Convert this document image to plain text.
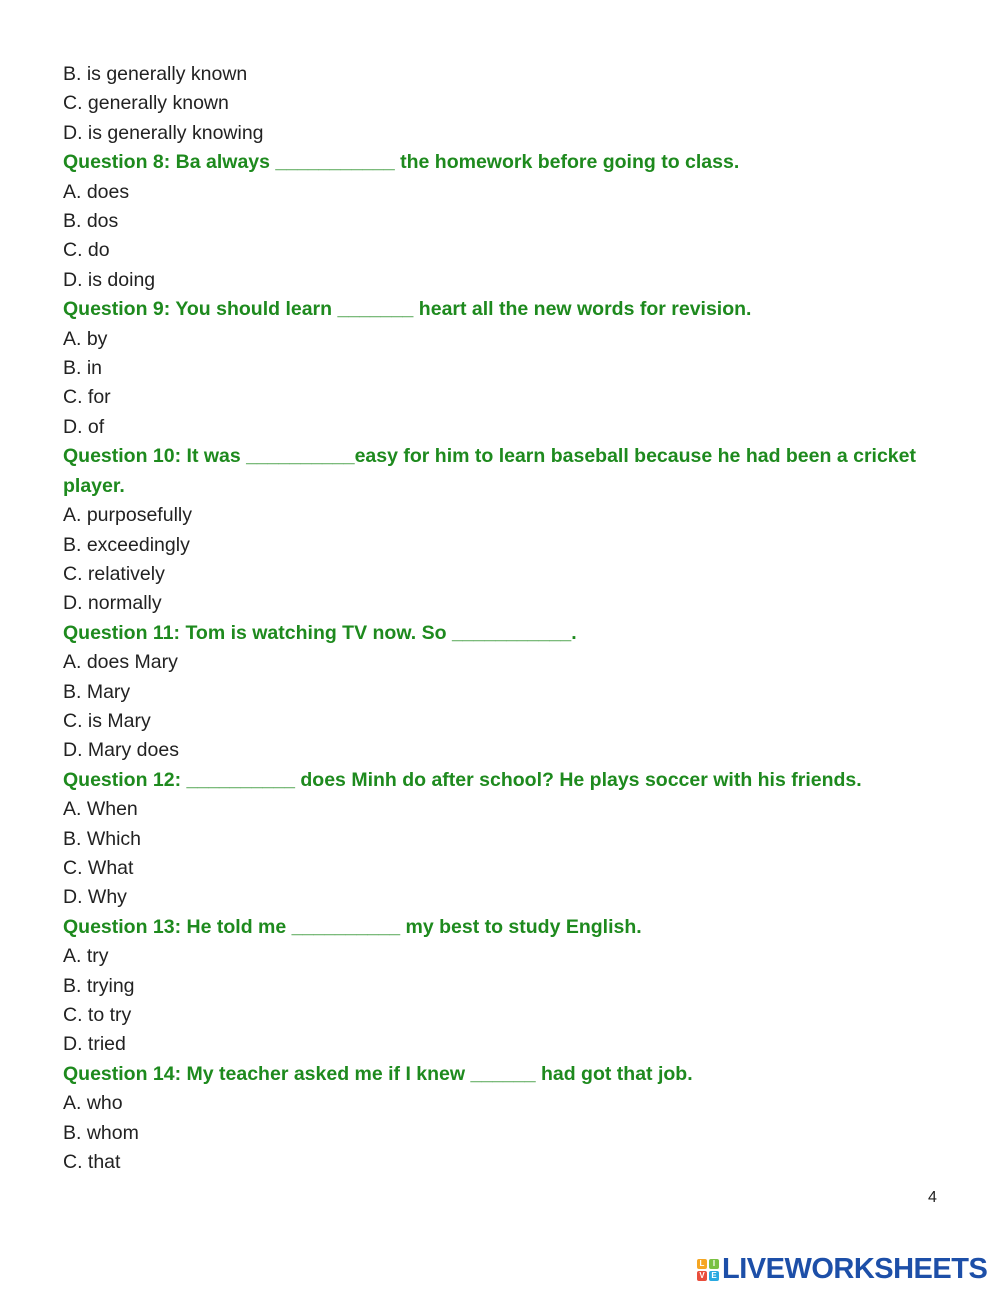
B. is generally known
C. generally known
D. is generally knowing
Question 8: Ba always ___________ the homework before going to class.
A. does
B. dos
C. do
D. is doing
Question 9: You should learn _______ heart all the new words for revision.
A. by
B. in
C. for
D. of
Question 10: It was __________easy for him to learn baseball because he had been a cricket player.
A. purposefully
B. exceedingly
C. relatively
D. normally
Question 11: Tom is watching TV now. So ___________.
A. does Mary
B. Mary
C. is Mary
D. Mary does
Question 12: __________ does Minh do after school? He plays soccer with his friends.
A. When
B. Which
C. What
D. Why
Question 13: He told me __________ my best to study English.
A. try
B. trying
C. to try
D. tried
Question 14: My teacher asked me if I knew ______ had got that job.
A. who
B. whom
C. that
4
L	I
V E LIVEWORKSHEETS
